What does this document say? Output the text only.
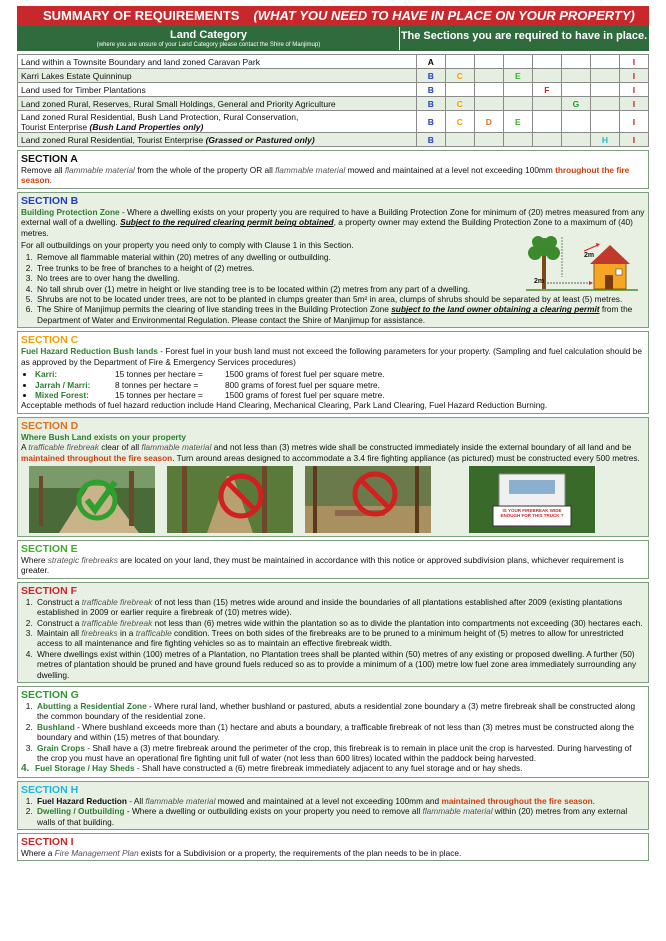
SUMMARY OF REQUIREMENTS (WHAT YOU NEED TO HAVE IN PLACE ON YOUR PROPERTY)
Land Category
(where you are unsure of your Land Category please contact the Shire of Manjimup)
The Sections you are required to have in place.
Land within a Townsite Boundary and land zoned Caravan Park	A							I
Karri Lakes Estate Quinninup	B	C		E				I
Land used for Timber Plantations	B				F			I
Land zoned Rural, Reserves, Rural Small Holdings, General and Priority Agriculture	B	C				G		I
Land zoned Rural Residential, Bush Land Protection, Rural Conservation,
Tourist Enterprise (Bush Land Properties only)	B	C	D	E				I
Land zoned Rural Residential, Tourist Enterprise (Grassed or Pastured only)	B						H	I
SECTION A
Remove all flammable material from the whole of the property OR all flammable material mowed and maintained at a level not exceeding 100mm throughout the fire season.
SECTION B
Building Protection Zone - Where a dwelling exists on your property you are required to have a Building Protection Zone for minimum of (20) metres measured from any external wall of a dwelling. Subject to the required clearing permit being obtained, a property owner may extend the Building Protection Zone to a maximum of (40) metres.
For all outbuildings on your property you need only to comply with Clause 1 in this Section.
1. Remove all flammable material within (20) metres of any dwelling or outbuilding.
2. Tree trunks to be free of branches to a height of (2) metres.
3. No trees are to over hang the dwelling.
4. No tall shrub over (1) metre in height or live standing tree is to be located within (2) metres from any part of a dwelling.
5. Shrubs are not to be located under trees, are not to be planted in clumps greater than 5m² in area, clumps of shrubs should be separated by at least (5) metres.
6. The Shire of Manjimup permits the clearing of live standing trees in the Building Protection Zone subject to the land owner obtaining a clearing permit from the Department of Water and Environmental Regulation. Please contact the Shire of Manjimup for assistance.
2m
2m
SECTION C
Fuel Hazard Reduction Bush lands - Forest fuel in your bush land must not exceed the following parameters for your property. (Sampling and fuel calculation should be as approved by the Department of Fire & Emergency Services procedures)
• Karri:	15 tonnes per hectare =	1500 grams of forest fuel per square metre.
• Jarrah / Marri:	8 tonnes per hectare =	800 grams of forest fuel per square metre.
• Mixed Forest:	15 tonnes per hectare =	1500 grams of forest fuel per square metre.
Acceptable methods of fuel hazard reduction include Hand Clearing, Mechanical Clearing, Park Land Clearing, Fuel Hazard Reduction Burning.
SECTION D
Where Bush Land exists on your property
A trafficable firebreak clear of all flammable material and not less than (3) metres wide shall be constructed immediately inside the external boundary of all land and be maintained throughout the fire season. Turn around areas designed to accommodate a 3.4 fire fighting appliance (as pictured) must be constructed every 500 metres.
IS YOUR FIREBREAK WIDE ENOUGH FOR THIS TRUCK ?
SECTION E
Where strategic firebreaks are located on your land, they must be maintained in accordance with this notice or approved subdivision plans, whichever requirement is greater.
SECTION F
1. Construct a trafficable firebreak of not less than (15) metres wide around and inside the boundaries of all plantations established after 2009 (existing plantations established in 2009 or earlier require a firebreak of (10) metres wide).
2. Construct a trafficable firebreak not less than (6) metres wide within the plantation so as to divide the plantation into compartments not exceeding (30) hectares each.
3. Maintain all firebreaks in a trafficable condition. Trees on both sides of the firebreaks are to be pruned to a minimum height of (5) metres to allow for unrestricted access to all maintenance and fire fighting vehicles so as to maintain an effective firebreak width.
4. Where dwellings exist within (100) metres of a Plantation, no Plantation trees shall be planted within (50) metres of any existing or proposed dwelling. A further (50) metres of plantation should be pruned and have ground fuels reduced so as to provide a minimum of a (100) metre low fuel zone area immediately surrounding any dwelling.
SECTION G
1. Abutting a Residential Zone - Where rural land, whether bushland or pastured, abuts a residential zone boundary a (3) metre firebreak shall be constructed along the common boundary of the residential zone.
2. Bushland - Where bushland exceeds more than (1) hectare and abuts a boundary, a trafficable firebreak of not less than (3) metres must be constructed along the boundary and within (15) metres of that boundary.
3. Grain Crops - Shall have a (3) metre firebreak around the perimeter of the crop, this firebreak is to remain in place unit the crop is harvested. During harvesting of the crop you must have an operational fire fighting unit full of water (not less than 600 litres) located within the paddock being harvested.
4. Fuel Storage / Hay Sheds - Shall have constructed a (6) metre firebreak immediately adjacent to any fuel storage and or hay sheds.
SECTION H
1. Fuel Hazard Reduction - All flammable material mowed and maintained at a level not exceeding 100mm and maintained throughout the fire season.
2. Dwelling / Outbuilding - Where a dwelling or outbuilding exists on your property you need to remove all flammable material within (20) metres from any external walls of that building.
SECTION I
Where a Fire Management Plan exists for a Subdivision or a property, the requirements of the plan needs to be in place.
